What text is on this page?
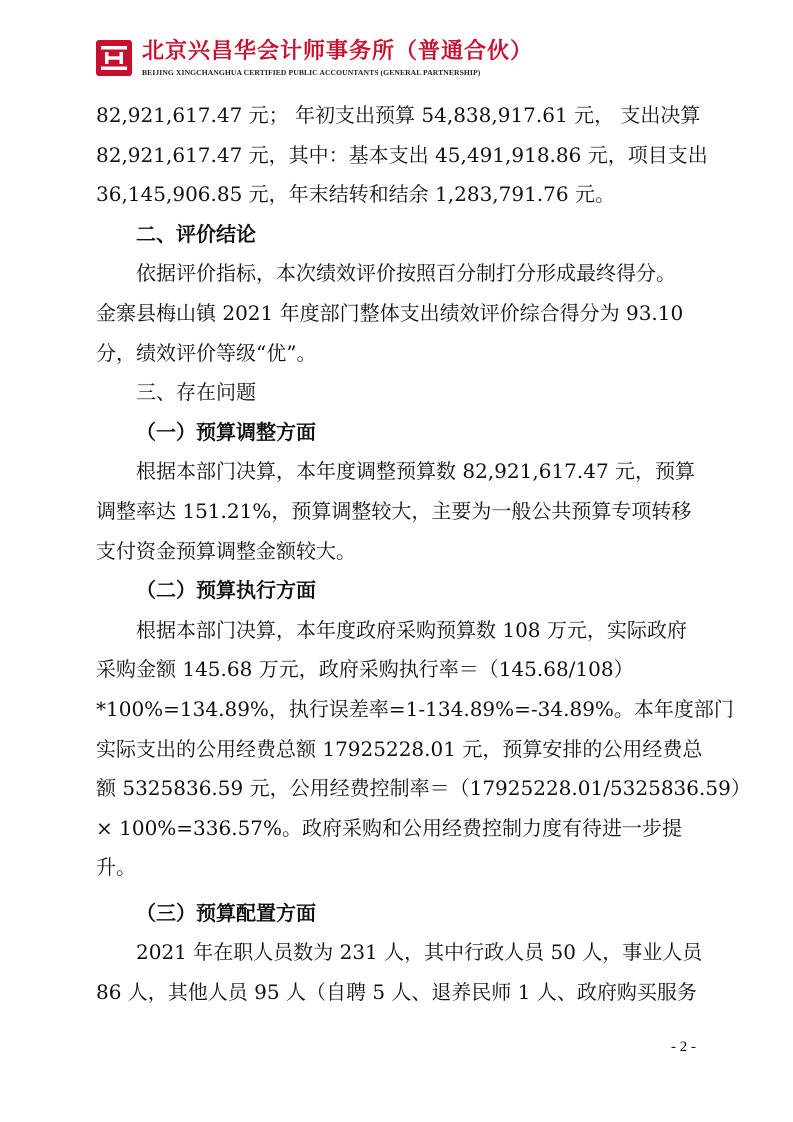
北京兴昌华会计师事务所（普通合伙）
BEIJING XINGCHANGHUA CERTIFIED PUBLIC ACCOUNTANTS (GENERAL PARTNERSHIP)
82,921,617.47 元； 年初支出预算 54,838,917.61 元， 支出决算
82,921,617.47 元，其中：基本支出 45,491,918.86 元，项目支出
36,145,906.85 元，年末结转和结余 1,283,791.76 元。
二、评价结论
依据评价指标，本次绩效评价按照百分制打分形成最终得分。
金寨县梅山镇 2021 年度部门整体支出绩效评价综合得分为 93.10
分，绩效评价等级“优”。
三、存在问题
（一）预算调整方面
根据本部门决算，本年度调整预算数 82,921,617.47 元，预算
调整率达 151.21%，预算调整较大，主要为一般公共预算专项转移
支付资金预算调整金额较大。
（二）预算执行方面
根据本部门决算，本年度政府采购预算数 108 万元，实际政府
采购金额 145.68 万元，政府采购执行率＝（145.68/108）
*100%=134.89%，执行误差率=1-134.89%=-34.89%。本年度部门
实际支出的公用经费总额 17925228.01 元，预算安排的公用经费总
额 5325836.59 元，公用经费控制率＝（17925228.01/5325836.59）
× 100%=336.57%。政府采购和公用经费控制力度有待进一步提
升。
（三）预算配置方面
2021 年在职人员数为 231 人，其中行政人员 50 人，事业人员
86 人，其他人员 95 人（自聘 5 人、退养民师 1 人、政府购买服务
- 2 -
